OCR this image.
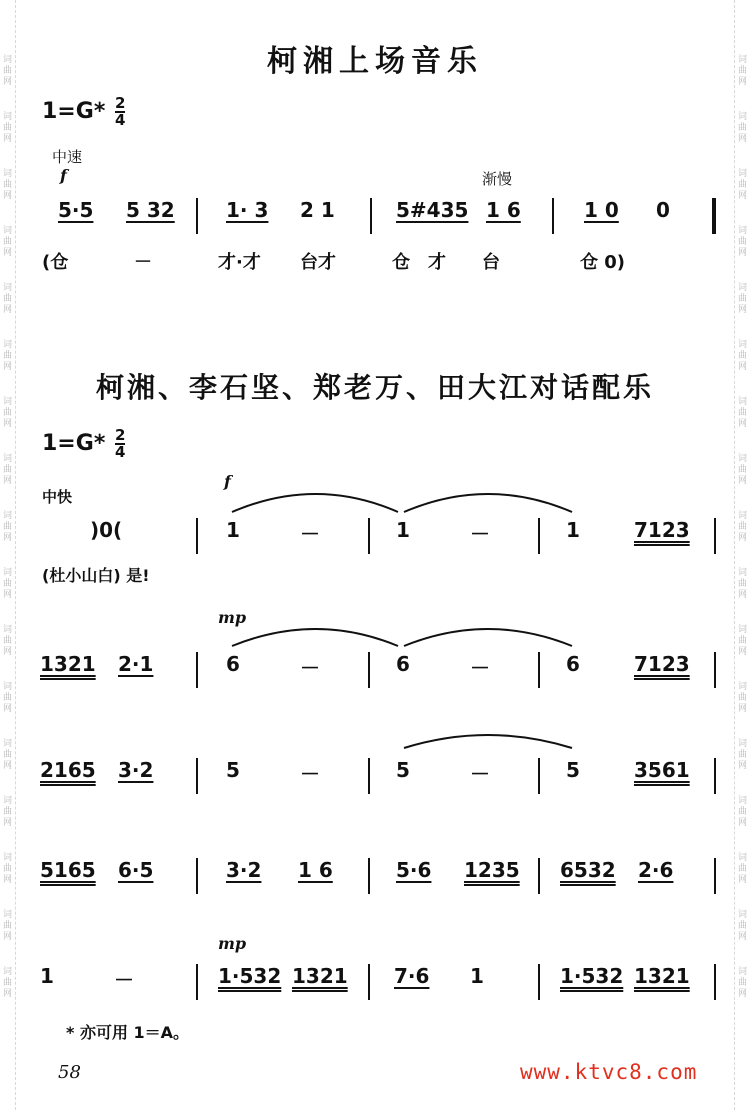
词
曲
网
词
曲
网
词
曲
网
词
曲
网
词
曲
网
词
曲
网
词
曲
网
词
曲
网
词
曲
网
词
曲
网
词
曲
网
词
曲
网
词
曲
网
词
曲
网
词
曲
网
词
曲
网
词
曲
网
词
曲
网
词
曲
网
词
曲
网
词
曲
网
词
曲
网
词
曲
网
词
曲
网
词
曲
网
词
曲
网
词
曲
网
词
曲
网
词
曲
网
词
曲
网
词
曲
网
词
曲
网
词
曲
网
词
曲
网
柯湘上场音乐
$1=G* \frac{2}{4}$
中速
f	渐慢
5·5 5 32	1· 3 2 1	5#435 1 6	1 0 0
(仓	－	才·才 台才	仓 才 台	仓 0)
柯湘、李石坚、郑老万、田大江对话配乐
$1=G* \frac{2}{4}$
中快
f
)0(	1	－	1	－	1	7123
(杜小山白) 是!
mp
1321 2·1	6	－	6	－	6	7123
2165 3·2	5	－	5	－	5	3561
5165 6·5	3·2 1 6	5·6 1235 6532 2·6
mp
1	－	1·532 1321 7·6 1	1·532 1321
* 亦可用 1＝A。
58	www.ktvc8.com
